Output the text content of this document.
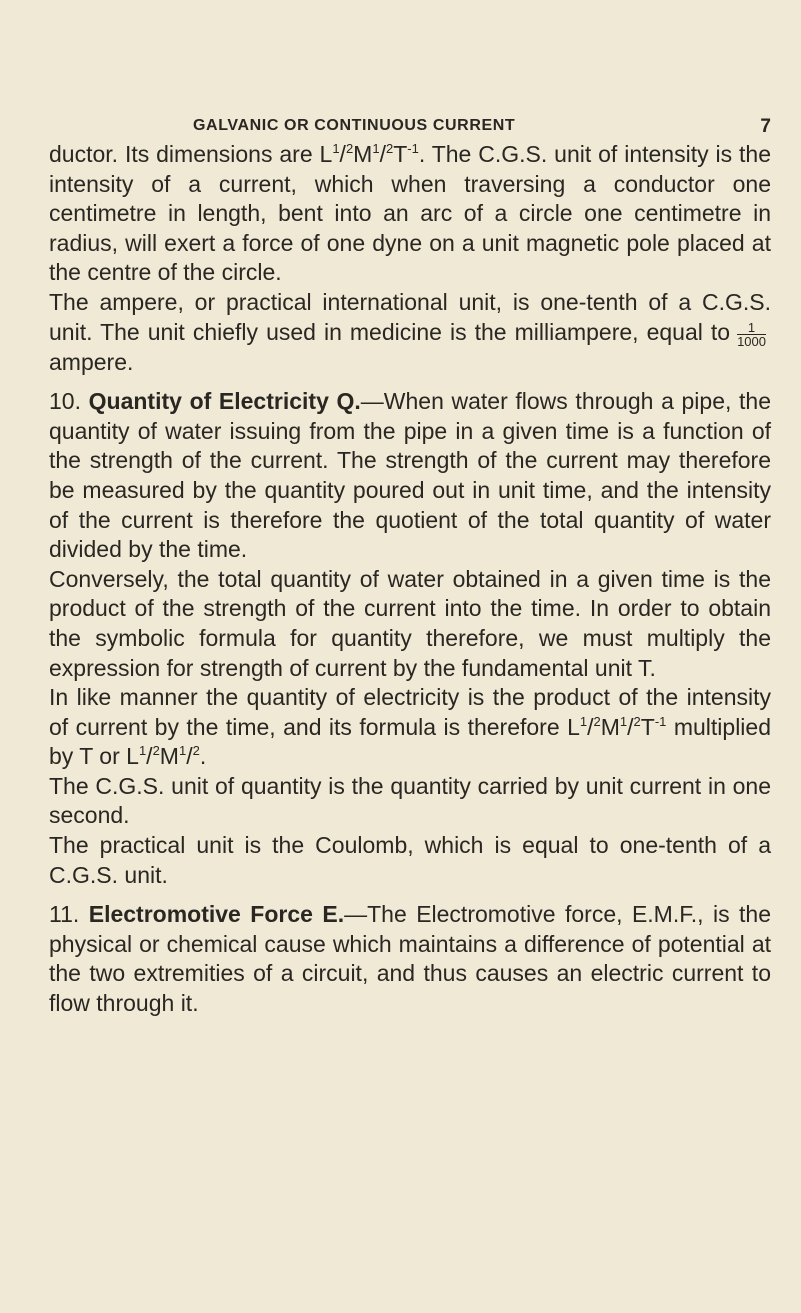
GALVANIC OR CONTINUOUS CURRENT	7

ductor. Its dimensions are $L^1/^2M^1/^2T^{-1}$. The C.G.S. unit of intensity is the intensity of a current, which when traversing a conductor one centimetre in length, bent into an arc of a circle one centimetre in radius, will exert a force of one dyne on a unit magnetic pole placed at the centre of the circle.

The ampere, or practical international unit, is one-tenth of a C.G.S. unit. The unit chiefly used in medicine is the milliampere, equal to $\frac{1}{1000}$
ampere.

10. Quantity of Electricity Q.—When water flows through a pipe, the quantity of water issuing from the pipe in a given time is a function of the strength of the current. The strength of the current may therefore be measured by the quantity poured out in unit time, and the intensity of the current is therefore the quotient of the total quantity of water divided by the time.

Conversely, the total quantity of water obtained in a given time is the product of the strength of the current into the time. In order to obtain the symbolic formula for quantity therefore, we must multiply the expression for strength of current by the fundamental unit T.

In like manner the quantity of electricity is the product of the intensity of current by the time, and its formula is therefore $L^1/^2M^1/^2T^{-1}$ multiplied by T or $L^1/^2M^1/^2$.

The C.G.S. unit of quantity is the quantity carried by unit current in one second.

The practical unit is the Coulomb, which is equal to one-tenth of a C.G.S. unit.

11. Electromotive Force E.—The Electromotive force, E.M.F., is the physical or chemical cause which maintains a difference of potential at the two extremities of a circuit, and thus causes an electric current to flow through it.
